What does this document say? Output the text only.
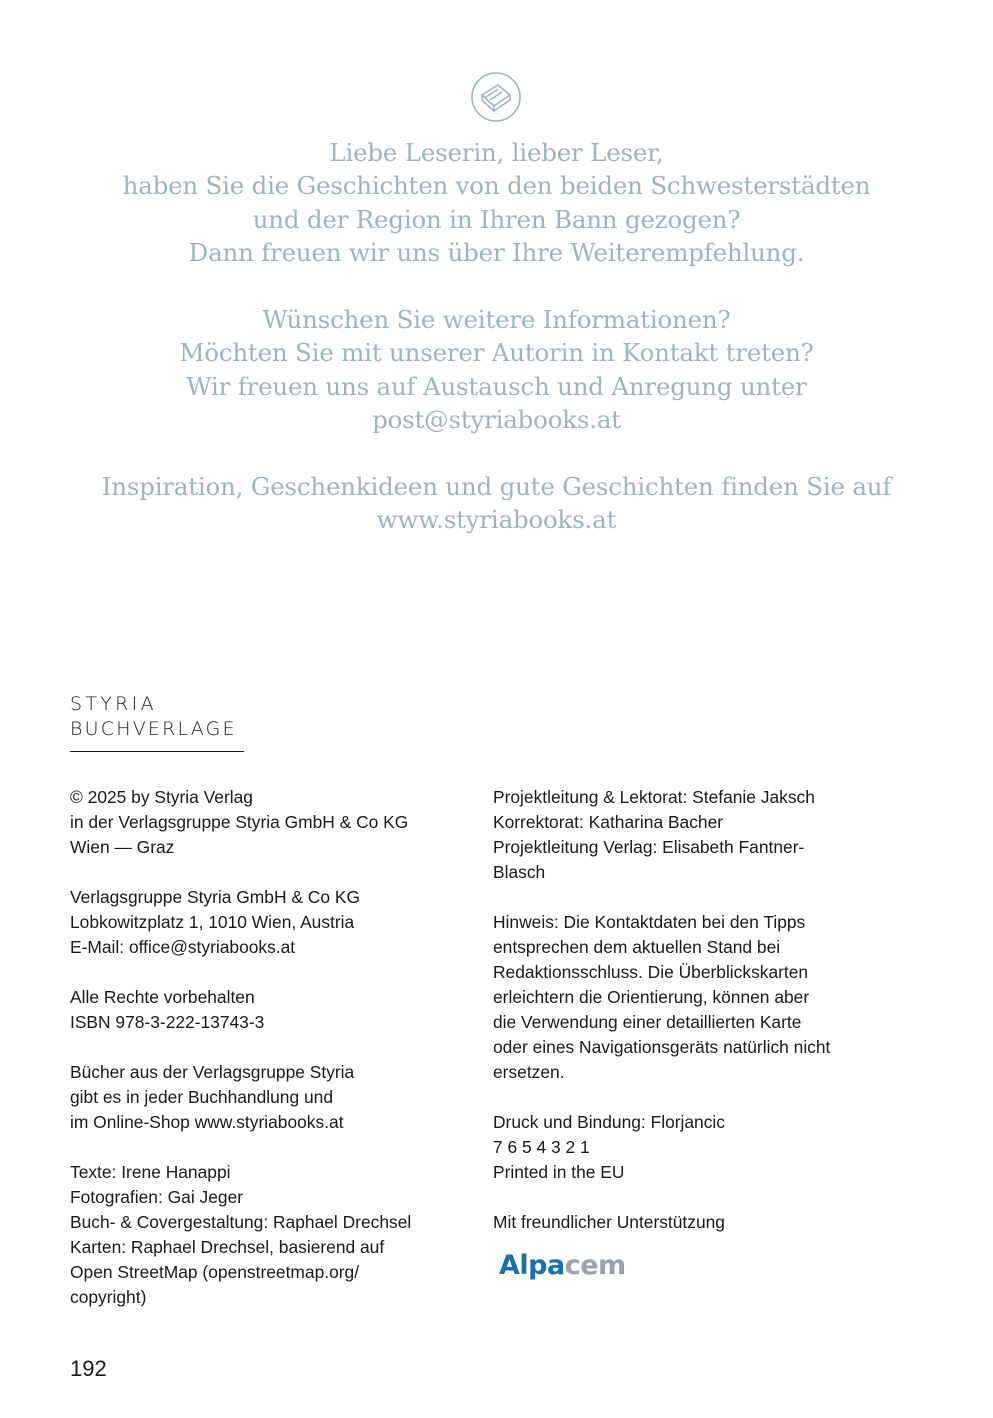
Liebe Leserin, lieber Leser,
haben Sie die Geschichten von den beiden Schwesterstädten
und der Region in Ihren Bann gezogen?
Dann freuen wir uns über Ihre Weiterempfehlung.

Wünschen Sie weitere Informationen?
Möchten Sie mit unserer Autorin in Kontakt treten?
Wir freuen uns auf Austausch und Anregung unter
post@styriabooks.at

Inspiration, Geschenkideen und gute Geschichten finden Sie auf
www.styriabooks.at

STYRIA
BUCHVERLAGE

© 2025 by Styria Verlag
in der Verlagsgruppe Styria GmbH & Co KG
Wien — Graz

Verlagsgruppe Styria GmbH & Co KG
Lobkowitzplatz 1, 1010 Wien, Austria
E-Mail: office@styriabooks.at

Alle Rechte vorbehalten
ISBN 978-3-222-13743-3

Bücher aus der Verlagsgruppe Styria
gibt es in jeder Buchhandlung und
im Online-Shop www.styriabooks.at

Texte: Irene Hanappi
Fotografien: Gai Jeger
Buch- & Covergestaltung: Raphael Drechsel
Karten: Raphael Drechsel, basierend auf
Open StreetMap (openstreetmap.org/
copyright)

Projektleitung & Lektorat: Stefanie Jaksch
Korrektorat: Katharina Bacher
Projektleitung Verlag: Elisabeth Fantner-
Blasch

Hinweis: Die Kontaktdaten bei den Tipps
entsprechen dem aktuellen Stand bei
Redaktionsschluss. Die Überblickskarten
erleichtern die Orientierung, können aber
die Verwendung einer detaillierten Karte
oder eines Navigationsgeräts natürlich nicht
ersetzen.

Druck und Bindung: Florjancic
7 6 5 4 3 2 1
Printed in the EU

Mit freundlicher Unterstützung

Alpacem
192
